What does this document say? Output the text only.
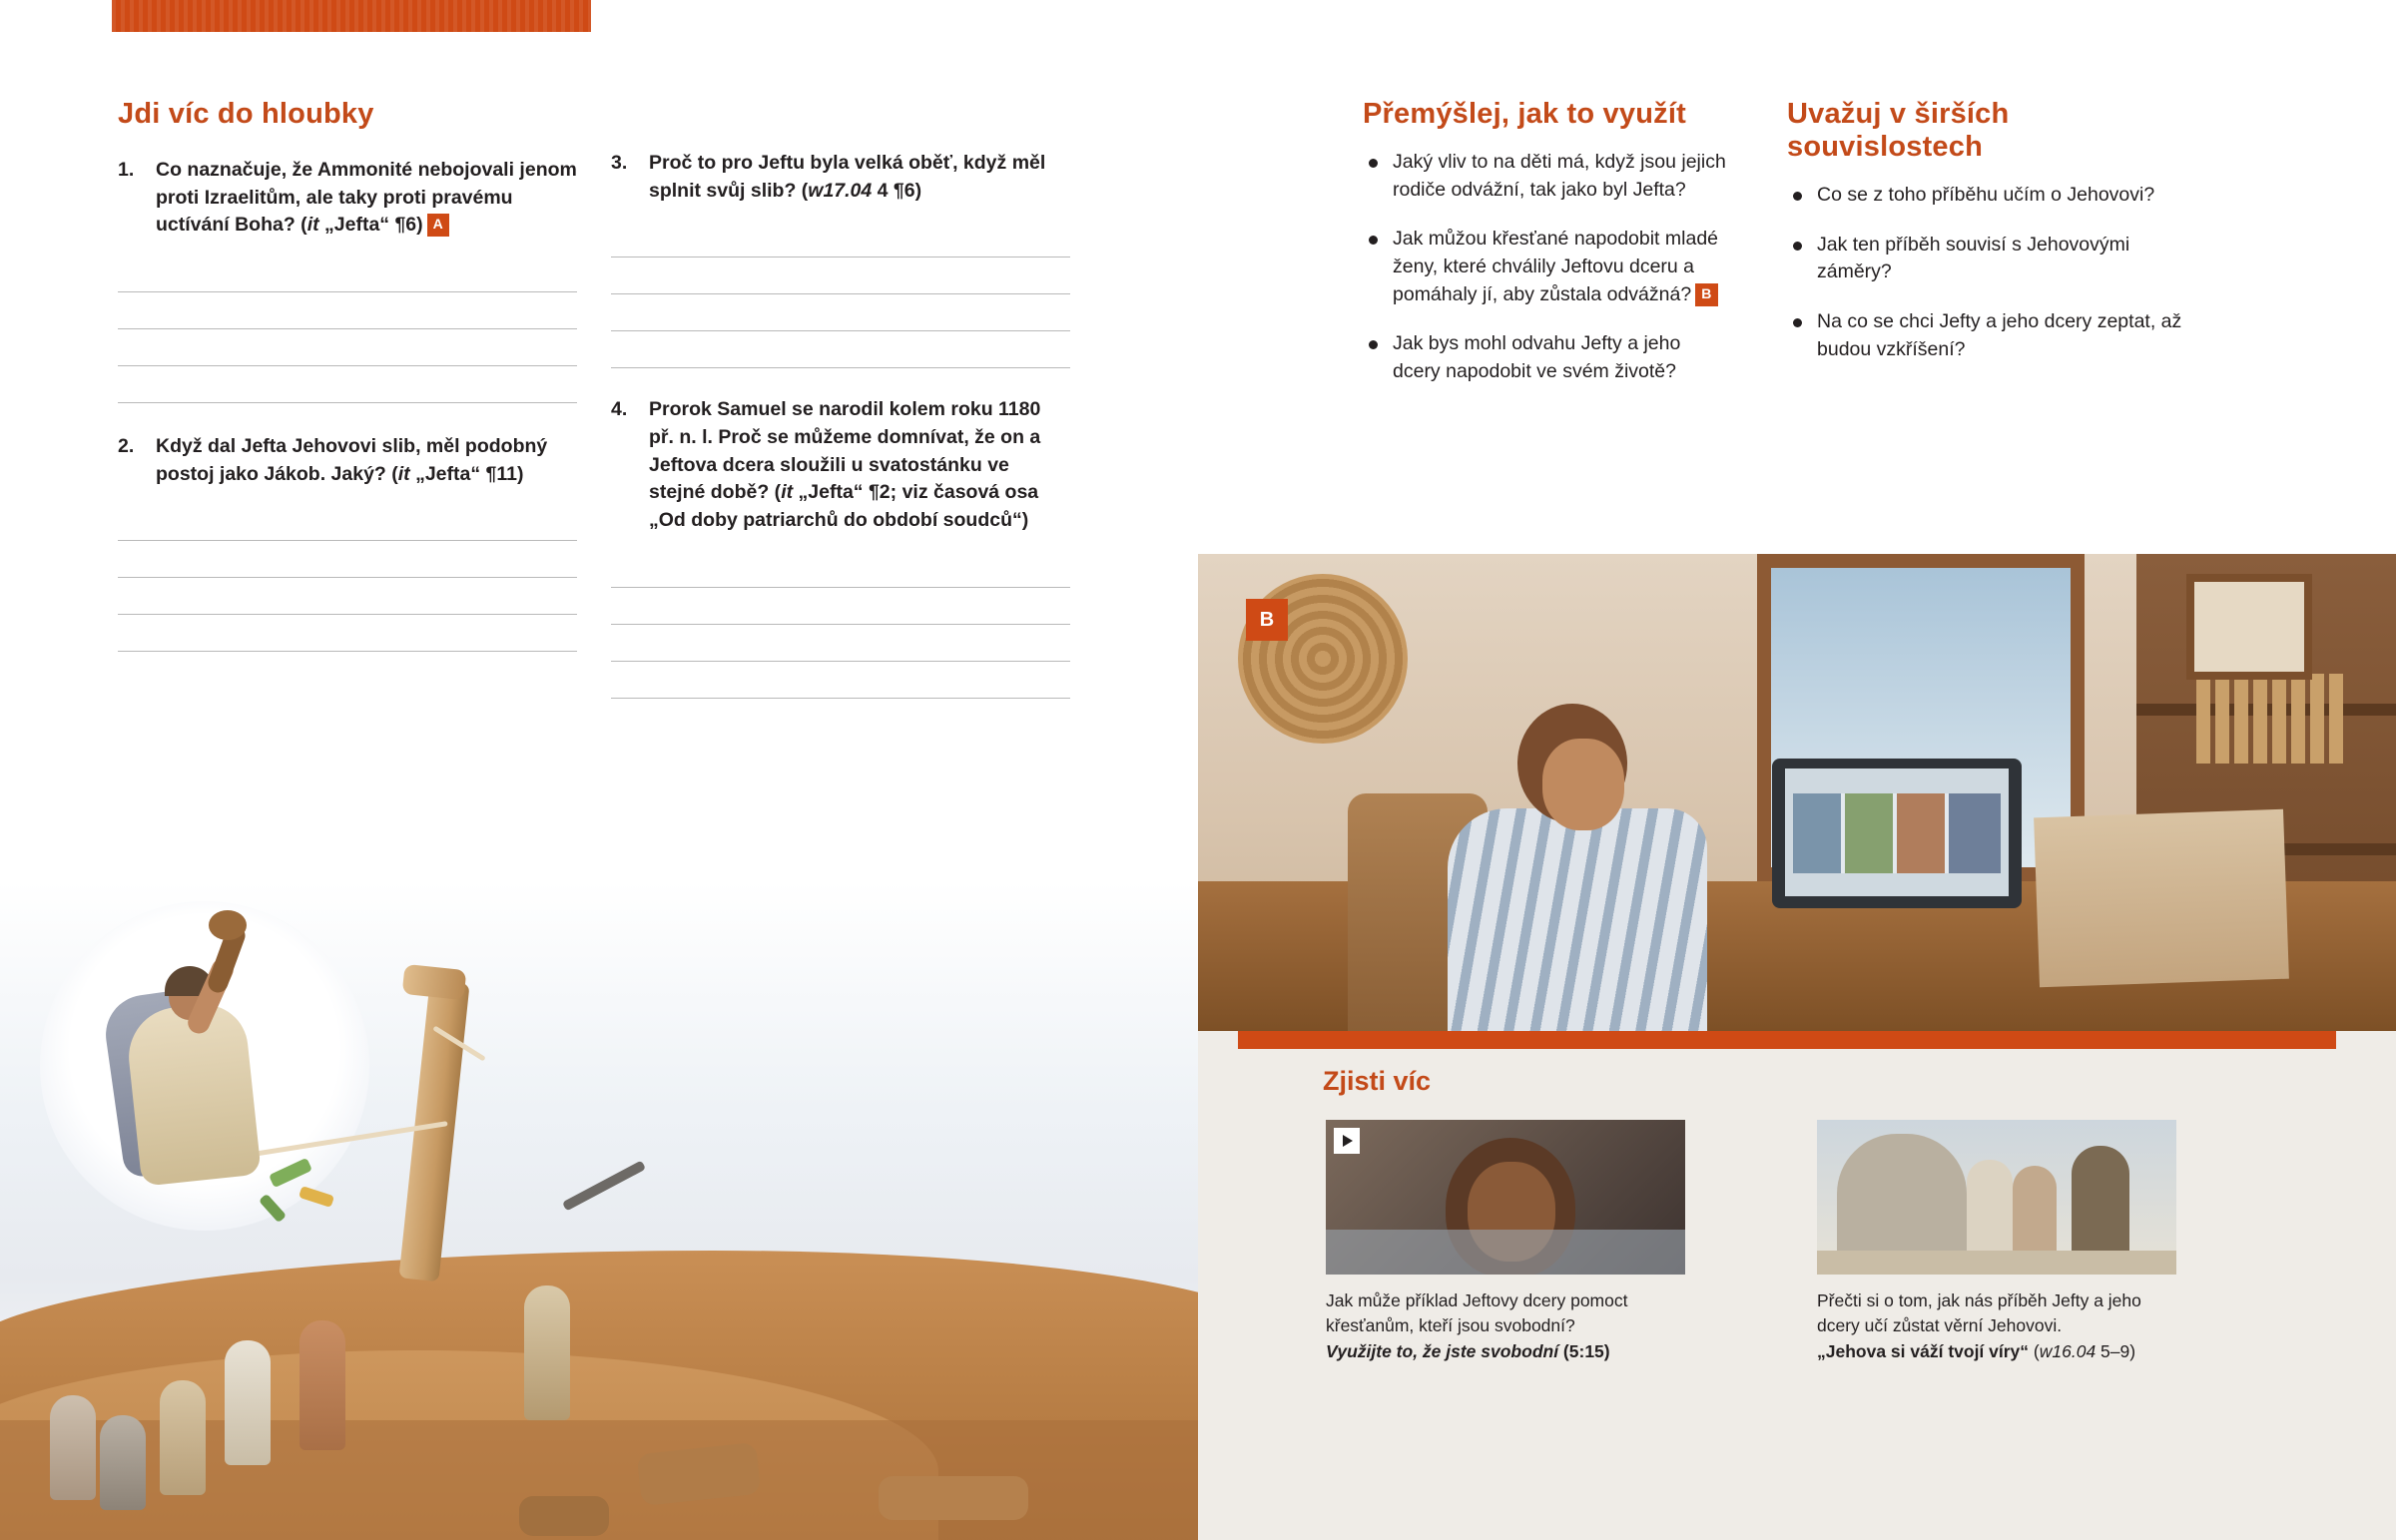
Jdi víc do hloubky
1.	Co naznačuje, že Ammonité nebojovali jenom proti Izraelitům, ale taky proti pravému uctívání Boha? (it „Jefta“ ¶6) A
2.	Když dal Jefta Jehovovi slib, měl podobný postoj jako Jákob. Jaký? (it „Jefta“ ¶11)
3.	Proč to pro Jeftu byla velká oběť, když měl splnit svůj slib? (w17.04 4 ¶6)
4.	Prorok Samuel se narodil kolem roku 1180 př. n. l. Proč se můžeme domnívat, že on a Jeftova dcera sloužili u svatostánku ve stejné době? (it „Jefta“ ¶2; viz časová osa „Od doby patriarchů do období soudců“)
Přemýšlej, jak to využít
Jaký vliv to na děti má, když jsou jejich rodiče odvážní, tak jako byl Jefta?
Jak můžou křesťané napodobit mladé ženy, které chválily Jeftovu dceru a pomáhaly jí, aby zůstala odvážná? B
Jak bys mohl odvahu Jefty a jeho dcery napodobit ve svém životě?
Uvažuj v širších souvislostech
Co se z toho příběhu učím o Jehovovi?
Jak ten příběh souvisí s Jehovovými záměry?
Na co se chci Jefty a jeho dcery zeptat, až budou vzkříšení?
B
Zjisti víc
Jak může příklad Jeftovy dcery pomoct křesťanům, kteří jsou svobodní?
Využijte to, že jste svobodní (5:15)
Přečti si o tom, jak nás příběh Jefty a jeho dcery učí zůstat věrní Jehovovi.
„Jehova si váží tvojí víry“ (w16.04 5–9)
